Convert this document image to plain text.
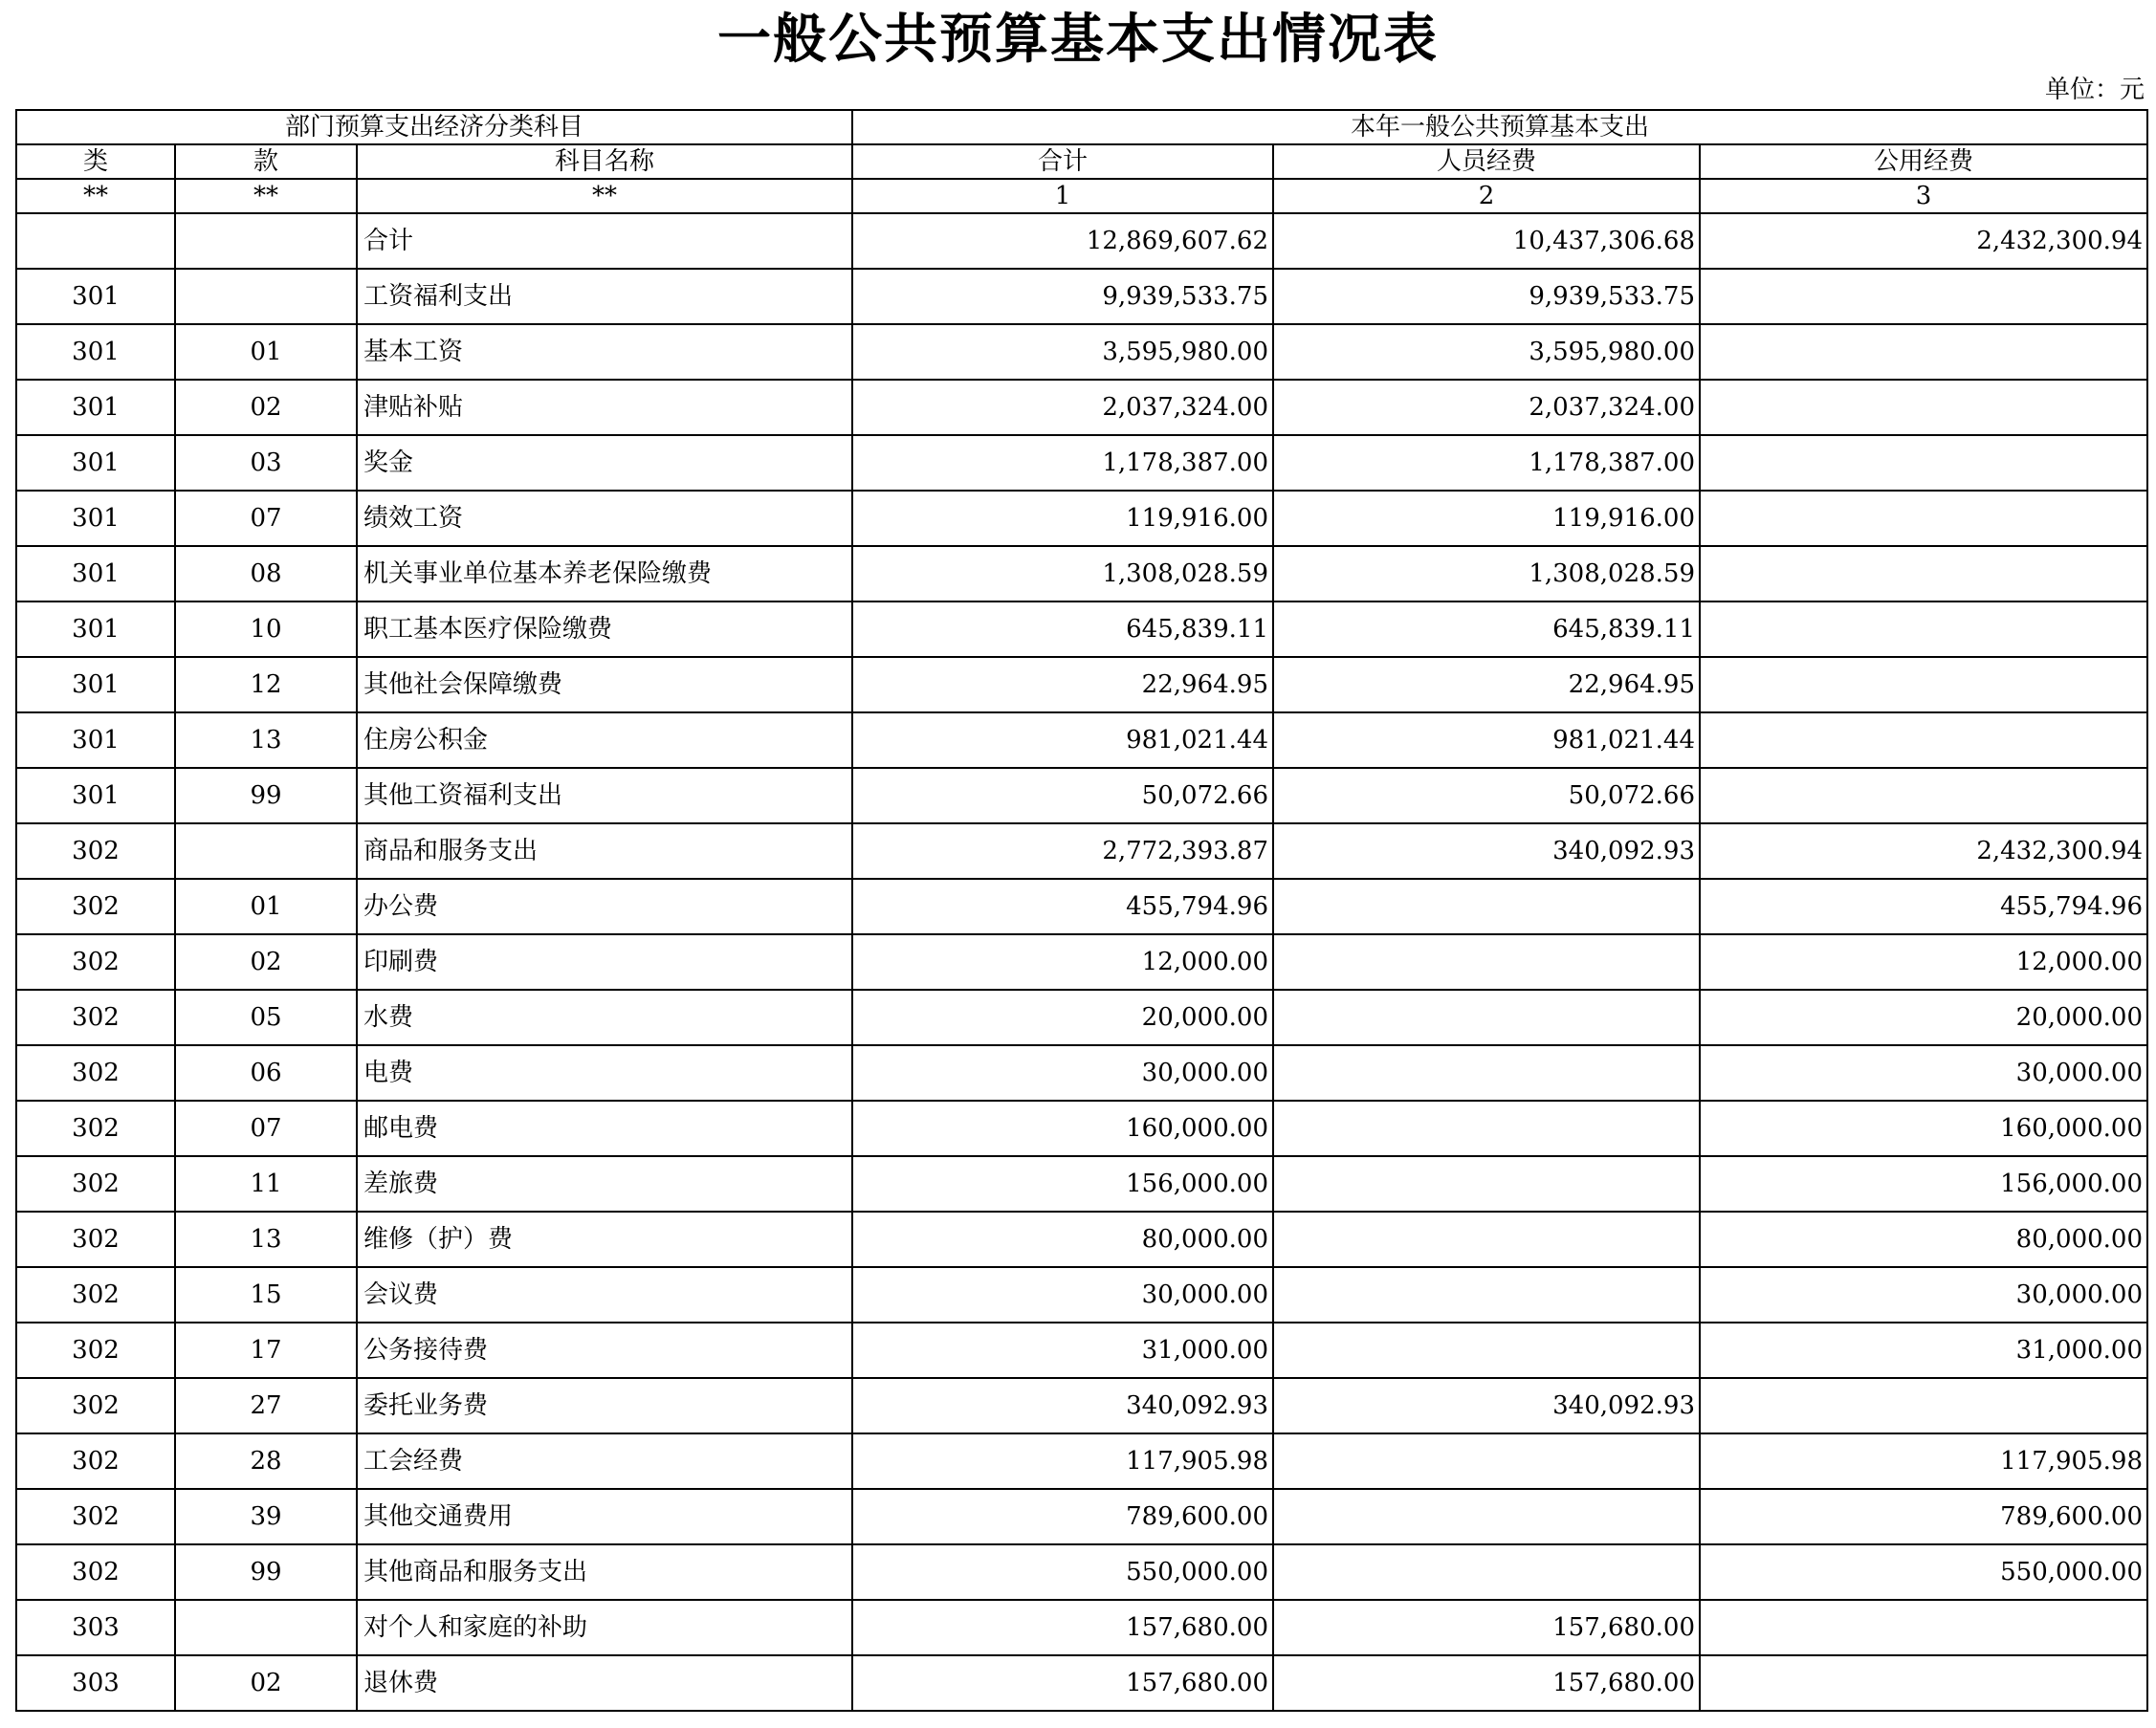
一般公共预算基本支出情况表
单位：元
部门预算支出经济分类科目			本年一般公共预算基本支出		
类	款	科目名称	合计	人员经费	公用经费
**	**	**	1	2	3
		合计	12,869,607.62	10,437,306.68	2,432,300.94
301		工资福利支出	9,939,533.75	9,939,533.75	
301	01	基本工资	3,595,980.00	3,595,980.00	
301	02	津贴补贴	2,037,324.00	2,037,324.00	
301	03	奖金	1,178,387.00	1,178,387.00	
301	07	绩效工资	119,916.00	119,916.00	
301	08	机关事业单位基本养老保险缴费	1,308,028.59	1,308,028.59	
301	10	职工基本医疗保险缴费	645,839.11	645,839.11	
301	12	其他社会保障缴费	22,964.95	22,964.95	
301	13	住房公积金	981,021.44	981,021.44	
301	99	其他工资福利支出	50,072.66	50,072.66	
302		商品和服务支出	2,772,393.87	340,092.93	2,432,300.94
302	01	办公费	455,794.96		455,794.96
302	02	印刷费	12,000.00		12,000.00
302	05	水费	20,000.00		20,000.00
302	06	电费	30,000.00		30,000.00
302	07	邮电费	160,000.00		160,000.00
302	11	差旅费	156,000.00		156,000.00
302	13	维修（护）费	80,000.00		80,000.00
302	15	会议费	30,000.00		30,000.00
302	17	公务接待费	31,000.00		31,000.00
302	27	委托业务费	340,092.93	340,092.93	
302	28	工会经费	117,905.98		117,905.98
302	39	其他交通费用	789,600.00		789,600.00
302	99	其他商品和服务支出	550,000.00		550,000.00
303		对个人和家庭的补助	157,680.00	157,680.00	
303	02	退休费	157,680.00	157,680.00	
